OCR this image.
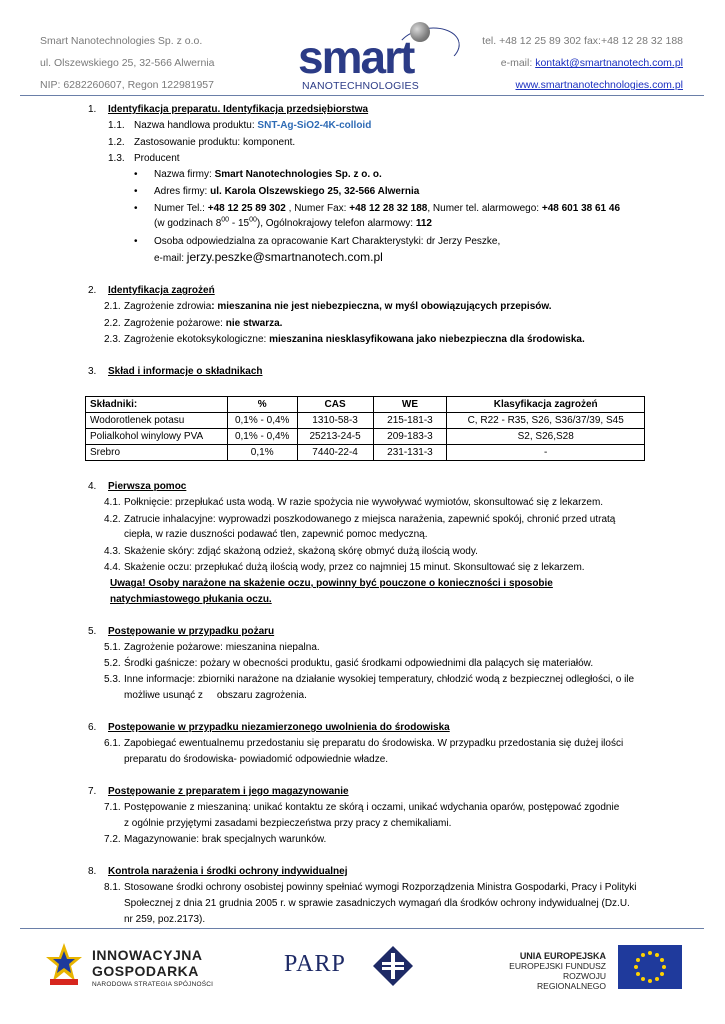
Smart Nanotechnologies Sp. z o.o.
ul. Olszewskiego 25, 32-566 Alwernia
NIP: 6282260607, Regon 122981957
smart
NANOTECHNOLOGIES
tel. +48 12 25 89 302 fax:+48 12 28 32 188
e-mail: kontakt@smartnanotech.com.pl
www.smartnanotechnologies.com.pl
1. Identyfikacja preparatu. Identyfikacja przedsiębiorstwa
1.1. Nazwa handlowa produktu: SNT-Ag-SiO2-4K-colloid
1.2. Zastosowanie produktu: komponent.
1.3. Producent
• Nazwa firmy: Smart Nanotechnologies Sp. z o. o.
• Adres firmy: ul. Karola Olszewskiego 25, 32-566 Alwernia
• Numer Tel.: +48 12 25 89 302 , Numer Fax: +48 12 28 32 188, Numer tel. alarmowego: +48 601 38 61 46
(w godzinach $8^{00} - 15^{00}$), Ogólnokrajowy telefon alarmowy: 112
• Osoba odpowiedzialna za opracowanie Kart Charakterystyki: dr Jerzy Peszke,
e-mail: jerzy.peszke@smartnanotech.com.pl
2. Identyfikacja zagrożeń
2.1. Zagrożenie zdrowia: mieszanina nie jest niebezpieczna, w myśl obowiązujących przepisów.
2.2. Zagrożenie pożarowe: nie stwarza.
2.3. Zagrożenie ekotoksykologiczne: mieszanina niesklasyfikowana jako niebezpieczna dla środowiska.
3. Skład i informacje o składnikach
Składniki:	%	CAS	WE	Klasyfikacja zagrożeń
Wodorotlenek potasu	0,1% - 0,4%	1310-58-3	215-181-3	C, R22 - R35, S26, S36/37/39, S45
Polialkohol winylowy PVA	0,1% - 0,4%	25213-24-5	209-183-3	S2, S26,S28
Srebro	0,1%	7440-22-4	231-131-3	-
4. Pierwsza pomoc
4.1. Połknięcie: przepłukać usta wodą. W razie spożycia nie wywoływać wymiotów, skonsultować się z lekarzem.
4.2. Zatrucie inhalacyjne: wyprowadzi poszkodowanego z miejsca narażenia, zapewnić spokój, chronić przed utratą
ciepła, w razie duszności podawać tlen, zapewnić pomoc medyczną.
4.3. Skażenie skóry: zdjąć skażoną odzież, skażoną skórę obmyć dużą ilością wody.
4.4. Skażenie oczu: przepłukać dużą ilością wody, przez co najmniej 15 minut. Skonsultować się z lekarzem.
Uwaga! Osoby narażone na skażenie oczu, powinny być pouczone o konieczności i sposobie
natychmiastowego płukania oczu.
5. Postępowanie w przypadku pożaru
5.1. Zagrożenie pożarowe: mieszanina niepalna.
5.2. Środki gaśnicze: pożary w obecności produktu, gasić środkami odpowiednimi dla palących się materiałów.
5.3. Inne informacje: zbiorniki narażone na działanie wysokiej temperatury, chłodzić wodą z bezpiecznej odległości, o ile
możliwe usunąć z     obszaru zagrożenia.
6. Postępowanie w przypadku niezamierzonego uwolnienia do środowiska
6.1. Zapobiegać ewentualnemu przedostaniu się preparatu do środowiska. W przypadku przedostania się dużej ilości
preparatu do środowiska- powiadomić odpowiednie władze.
7. Postępowanie z preparatem i jego magazynowanie
7.1. Postępowanie z mieszaniną: unikać kontaktu ze skórą i oczami, unikać wdychania oparów, postępować zgodnie
z ogólnie przyjętymi zasadami bezpieczeństwa przy pracy z chemikaliami.
7.2. Magazynowanie: brak specjalnych warunków.
8. Kontrola narażenia i środki ochrony indywidualnej
8.1. Stosowane środki ochrony osobistej powinny spełniać wymogi Rozporządzenia Ministra Gospodarki, Pracy i Polityki
Społecznej z dnia 21 grudnia 2005 r. w sprawie zasadniczych wymagań dla środków ochrony indywidualnej (Dz.U.
nr 259, poz.2173).
INNOWACYJNA
GOSPODARKA
NARODOWA STRATEGIA SPÓJNOŚCI
PARP	UNIA EUROPEJSKA
EUROPEJSKI FUNDUSZ
ROZWOJU REGIONALNEGO
